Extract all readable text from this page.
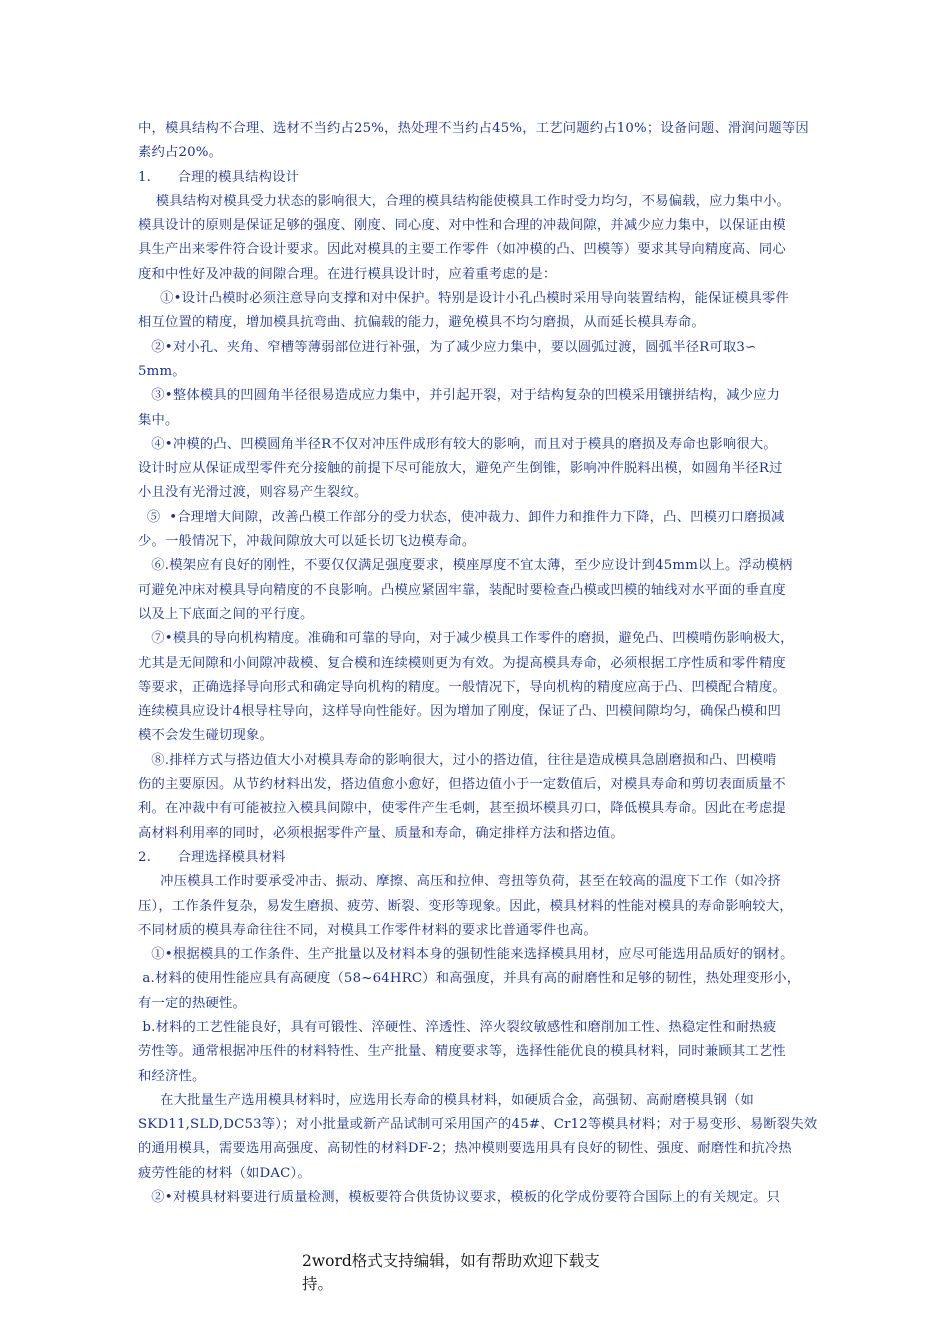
中，模具结构不合理、选材不当约占25%，热处理不当约占45%，工艺问题约占10%；设备问题、滑润问题等因
素约占20%。
1.      合理的模具结构设计
模具结构对模具受力状态的影响很大，合理的模具结构能使模具工作时受力均匀，不易偏载，应力集中小。
模具设计的原则是保证足够的强度、刚度、同心度、对中性和合理的冲裁间隙，并减少应力集中，以保证由模
具生产出来零件符合设计要求。因此对模具的主要工作零件（如冲模的凸、凹模等）要求其导向精度高、同心
度和中性好及冲裁的间隙合理。在进行模具设计时，应着重考虑的是：
①•设计凸模时必须注意导向支撑和对中保护。特别是设计小孔凸模时采用导向装置结构，能保证模具零件
相互位置的精度，增加模具抗弯曲、抗偏载的能力，避免模具不均匀磨损，从而延长模具寿命。
②•对小孔、夹角、窄槽等薄弱部位进行补强，为了减少应力集中，要以圆弧过渡，圆弧半径R可取3∽
5mm。
③•整体模具的凹圆角半径很易造成应力集中，并引起开裂，对于结构复杂的凹模采用镶拼结构，减少应力
集中。
④•冲模的凸、凹模圆角半径R不仅对冲压件成形有较大的影响，而且对于模具的磨损及寿命也影响很大。
设计时应从保证成型零件充分接触的前提下尽可能放大，避免产生倒锥，影响冲件脱料出模，如圆角半径R过
小且没有光滑过渡，则容易产生裂纹。
⑤  •合理增大间隙，改善凸模工作部分的受力状态，使冲裁力、卸件力和推件力下降，凸、凹模刃口磨损减
少。一般情况下，冲裁间隙放大可以延长切飞边模寿命。
⑥.模架应有良好的刚性，不要仅仅满足强度要求，模座厚度不宜太薄，至少应设计到45mm以上。浮动模柄
可避免冲床对模具导向精度的不良影响。凸模应紧固牢靠，装配时要检查凸模或凹模的轴线对水平面的垂直度
以及上下底面之间的平行度。
⑦•模具的导向机构精度。准确和可靠的导向，对于减少模具工作零件的磨损，避免凸、凹模啃伤影响极大，
尤其是无间隙和小间隙冲裁模、复合模和连续模则更为有效。为提高模具寿命，必须根据工序性质和零件精度
等要求，正确选择导向形式和确定导向机构的精度。一般情况下，导向机构的精度应高于凸、凹模配合精度。
连续模具应设计4根导柱导向，这样导向性能好。因为增加了刚度，保证了凸、凹模间隙均匀，确保凸模和凹
模不会发生碰切现象。
⑧.排样方式与搭边值大小对模具寿命的影响很大，过小的搭边值，往往是造成模具急剧磨损和凸、凹模啃
伤的主要原因。从节约材料出发，搭边值愈小愈好，但搭边值小于一定数值后，对模具寿命和剪切表面质量不
利。在冲裁中有可能被拉入模具间隙中，使零件产生毛刺，甚至损坏模具刃口，降低模具寿命。因此在考虑提
高材料利用率的同时，必须根据零件产量、质量和寿命，确定排样方法和搭边值。
2.      合理选择模具材料
冲压模具工作时要承受冲击、振动、摩擦、高压和拉伸、弯扭等负荷，甚至在较高的温度下工作（如冷挤
压），工作条件复杂，易发生磨损、疲劳、断裂、变形等现象。因此，模具材料的性能对模具的寿命影响较大，
不同材质的模具寿命往往不同，对模具工作零件材料的要求比普通零件也高。
①•根据模具的工作条件、生产批量以及材料本身的强韧性能来选择模具用材，应尽可能选用品质好的钢材。
a.材料的使用性能应具有高硬度（58~64HRC）和高强度，并具有高的耐磨性和足够的韧性，热处理变形小，
有一定的热硬性。
b.材料的工艺性能良好，具有可锻性、淬硬性、淬透性、淬火裂纹敏感性和磨削加工性、热稳定性和耐热疲
劳性等。通常根据冲压件的材料特性、生产批量、精度要求等，选择性能优良的模具材料，同时兼顾其工艺性
和经济性。
在大批量生产选用模具材料时，应选用长寿命的模具材料，如硬质合金，高强韧、高耐磨模具钢（如
SKD11,SLD,DC53等）；对小批量或新产品试制可采用国产的45#、Cr12等模具材料；对于易变形、易断裂失效
的通用模具，需要选用高强度、高韧性的材料DF-2；热冲模则要选用具有良好的韧性、强度、耐磨性和抗冷热
疲劳性能的材料（如DAC）。
②•对模具材料要进行质量检测，模板要符合供货协议要求，模板的化学成份要符合国际上的有关规定。只
2word格式支持编辑，如有帮助欢迎下载支
持。
